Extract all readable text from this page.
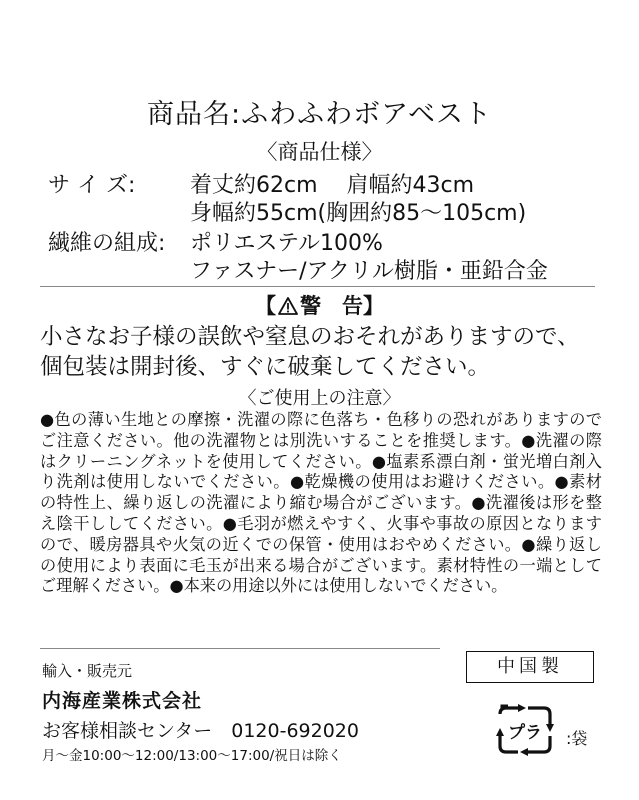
商品名:ふわふわボアベスト
〈商品仕様〉
サ イ ズ: 着丈約62cm　 肩幅約43cm
身幅約55cm(胸囲約85〜105cm)
繊維の組成: ポリエステル100%
ファスナー/アクリル樹脂・亜鉛合金
【 警　告】
小さなお子様の誤飲や窒息のおそれがありますので、個包装は開封後、すぐに破棄してください。
〈ご使用上の注意〉
●色の薄い生地との摩擦・洗濯の際に色落ち・色移りの恐れがありますのでご注意ください。他の洗濯物とは別洗いすることを推奨します。●洗濯の際はクリーニングネットを使用してください。●塩素系漂白剤・蛍光増白剤入り洗剤は使用しないでください。●乾燥機の使用はお避けください。●素材の特性上、繰り返しの洗濯により縮む場合がございます。●洗濯後は形を整え陰干ししてください。●毛羽が燃えやすく、火事や事故の原因となりますので、暖房器具や火気の近くでの保管・使用はおやめください。●繰り返しの使用により表面に毛玉が出来る場合がございます。素材特性の一端としてご理解ください。●本来の用途以外には使用しないでください。
輸入・販売元
内海産業株式会社
お客様相談センター　0120-692020
月〜金10:00〜12:00/13:00〜17:00/祝日は除く
中国製
プラ :袋
